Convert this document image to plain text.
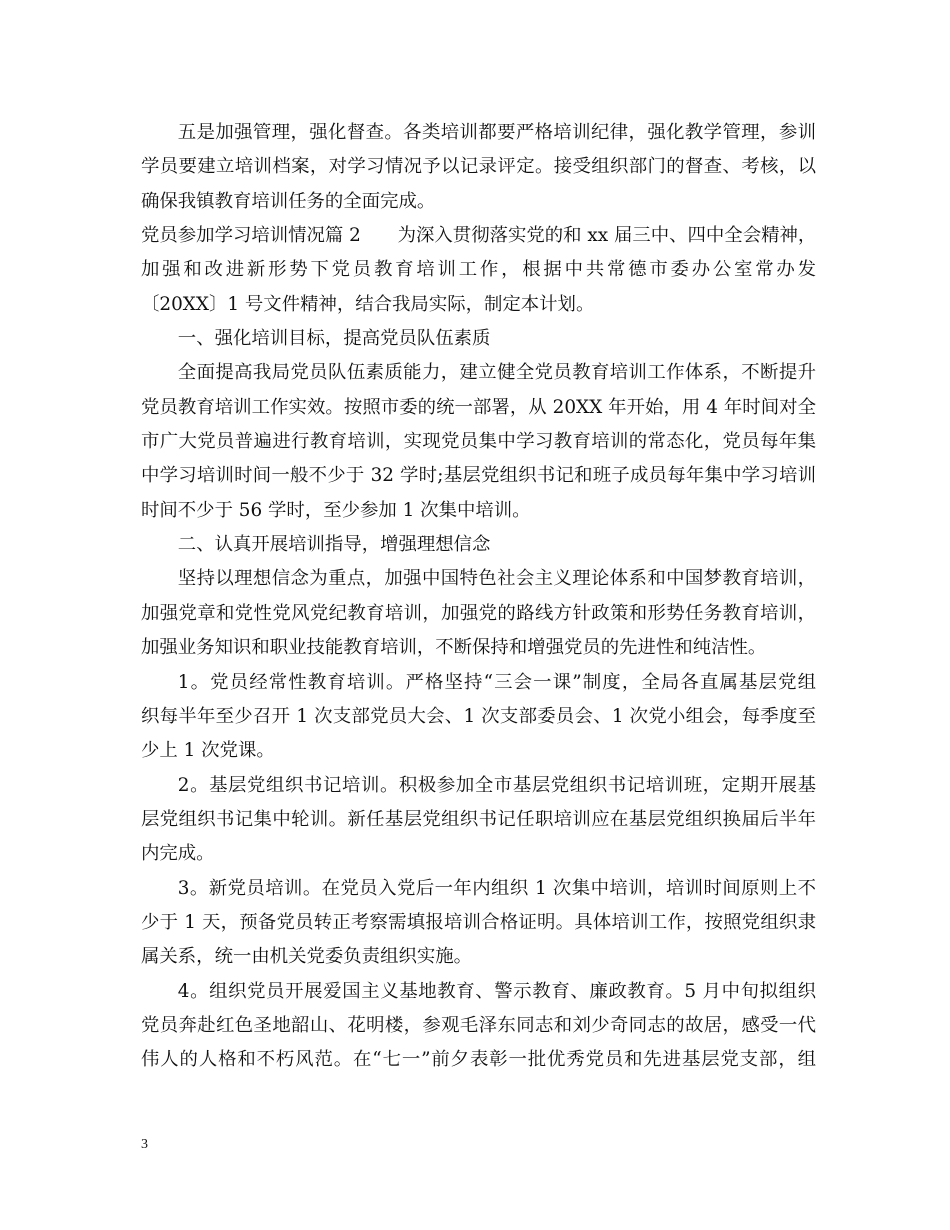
五是加强管理，强化督查。各类培训都要严格培训纪律，强化教学管理，参训
学员要建立培训档案，对学习情况予以记录评定。接受组织部门的督查、考核，以
确保我镇教育培训任务的全面完成。
党员参加学习培训情况篇 2　　为深入贯彻落实党的和 xx 届三中、四中全会精神，
加强和改进新形势下党员教育培训工作，根据中共常德市委办公室常办发
〔20XX〕1 号文件精神，结合我局实际，制定本计划。
一、强化培训目标，提高党员队伍素质
全面提高我局党员队伍素质能力，建立健全党员教育培训工作体系，不断提升
党员教育培训工作实效。按照市委的统一部署，从 20XX 年开始，用 4 年时间对全
市广大党员普遍进行教育培训，实现党员集中学习教育培训的常态化，党员每年集
中学习培训时间一般不少于 32 学时;基层党组织书记和班子成员每年集中学习培训
时间不少于 56 学时，至少参加 1 次集中培训。
二、认真开展培训指导，增强理想信念
坚持以理想信念为重点，加强中国特色社会主义理论体系和中国梦教育培训，
加强党章和党性党风党纪教育培训，加强党的路线方针政策和形势任务教育培训，
加强业务知识和职业技能教育培训，不断保持和增强党员的先进性和纯洁性。
1。党员经常性教育培训。严格坚持“三会一课”制度，全局各直属基层党组
织每半年至少召开 1 次支部党员大会、1 次支部委员会、1 次党小组会，每季度至
少上 1 次党课。
2。基层党组织书记培训。积极参加全市基层党组织书记培训班，定期开展基
层党组织书记集中轮训。新任基层党组织书记任职培训应在基层党组织换届后半年
内完成。
3。新党员培训。在党员入党后一年内组织 1 次集中培训，培训时间原则上不
少于 1 天，预备党员转正考察需填报培训合格证明。具体培训工作，按照党组织隶
属关系，统一由机关党委负责组织实施。
4。组织党员开展爱国主义基地教育、警示教育、廉政教育。5 月中旬拟组织
党员奔赴红色圣地韶山、花明楼，参观毛泽东同志和刘少奇同志的故居，感受一代
伟人的人格和不朽风范。在“七一”前夕表彰一批优秀党员和先进基层党支部，组
3
